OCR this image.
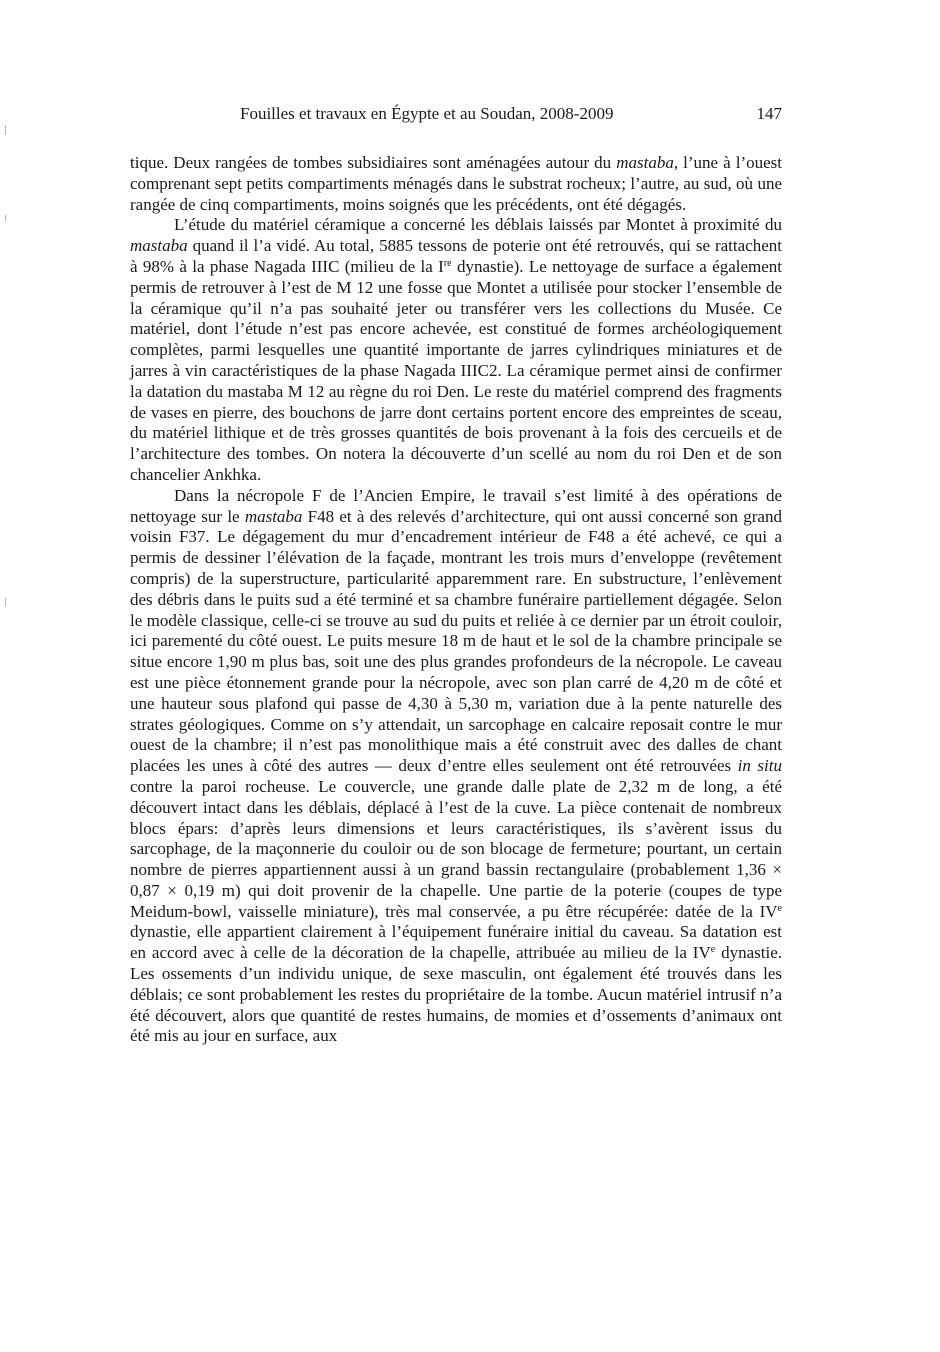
Fouilles et travaux en Égypte et au Soudan, 2008-2009	147

tique. Deux rangées de tombes subsidiaires sont aménagées autour du mastaba, l’une à l’ouest comprenant sept petits compartiments ménagés dans le substrat rocheux; l’autre, au sud, où une rangée de cinq compartiments, moins soignés que les précédents, ont été dégagés.

L’étude du matériel céramique a concerné les déblais laissés par Montet à proximité du mastaba quand il l’a vidé. Au total, 5885 tessons de poterie ont été retrouvés, qui se rattachent à 98% à la phase Nagada IIIC (milieu de la Ire dynastie). Le nettoyage de surface a également permis de retrouver à l’est de M 12 une fosse que Montet a utilisée pour stocker l’ensemble de la céramique qu’il n’a pas souhaité jeter ou transférer vers les collections du Musée. Ce matériel, dont l’étude n’est pas encore achevée, est constitué de formes archéologiquement complètes, parmi lesquelles une quantité importante de jarres cylindriques miniatures et de jarres à vin caractéristiques de la phase Nagada IIIC2. La céramique permet ainsi de confirmer la datation du mastaba M 12 au règne du roi Den. Le reste du matériel comprend des fragments de vases en pierre, des bouchons de jarre dont certains portent encore des empreintes de sceau, du matériel lithique et de très grosses quantités de bois provenant à la fois des cercueils et de l’architecture des tombes. On notera la découverte d’un scellé au nom du roi Den et de son chancelier Ankhka.

Dans la nécropole F de l’Ancien Empire, le travail s’est limité à des opérations de nettoyage sur le mastaba F48 et à des relevés d’architecture, qui ont aussi concerné son grand voisin F37. Le dégagement du mur d’encadrement intérieur de F48 a été achevé, ce qui a permis de dessiner l’élévation de la façade, montrant les trois murs d’enveloppe (revêtement compris) de la superstructure, particularité apparemment rare. En substructure, l’enlèvement des débris dans le puits sud a été terminé et sa chambre funéraire partiellement dégagée. Selon le modèle classique, celle-ci se trouve au sud du puits et reliée à ce dernier par un étroit couloir, ici parementé du côté ouest. Le puits mesure 18 m de haut et le sol de la chambre principale se situe encore 1,90 m plus bas, soit une des plus grandes profondeurs de la nécropole. Le caveau est une pièce étonnement grande pour la nécropole, avec son plan carré de 4,20 m de côté et une hauteur sous plafond qui passe de 4,30 à 5,30 m, variation due à la pente naturelle des strates géologiques. Comme on s’y attendait, un sarcophage en calcaire reposait contre le mur ouest de la chambre; il n’est pas monolithique mais a été construit avec des dalles de chant placées les unes à côté des autres — deux d’entre elles seulement ont été retrouvées in situ contre la paroi rocheuse. Le couvercle, une grande dalle plate de 2,32 m de long, a été découvert intact dans les déblais, déplacé à l’est de la cuve. La pièce contenait de nombreux blocs épars: d’après leurs dimensions et leurs caractéristiques, ils s’avèrent issus du sarcophage, de la maçonnerie du couloir ou de son blocage de fermeture; pourtant, un certain nombre de pierres appartiennent aussi à un grand bassin rectangulaire (probablement 1,36 × 0,87 × 0,19 m) qui doit provenir de la chapelle. Une partie de la poterie (coupes de type Meidum-bowl, vaisselle miniature), très mal conservée, a pu être récupérée: datée de la IVe dynastie, elle appartient clairement à l’équipement funéraire initial du caveau. Sa datation est en accord avec à celle de la décoration de la chapelle, attribuée au milieu de la IVe dynastie. Les ossements d’un individu unique, de sexe masculin, ont également été trouvés dans les déblais; ce sont probablement les restes du propriétaire de la tombe. Aucun matériel intrusif n’a été découvert, alors que quantité de restes humains, de momies et d’ossements d’animaux ont été mis au jour en surface, aux
